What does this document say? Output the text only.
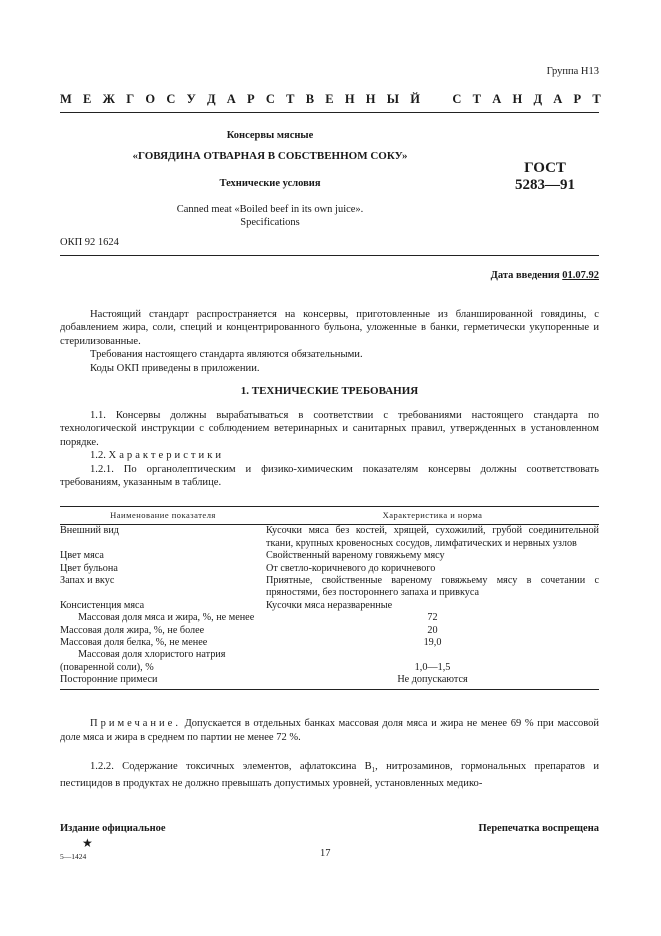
Группа Н13
М Е Ж Г О С У Д А Р С Т В Е Н Н Ы Й	С Т А Н Д А Р Т
Консервы мясные
«ГОВЯДИНА ОТВАРНАЯ В СОБСТВЕННОМ СОКУ»
Технические условия
ГОСТ
5283—91
Canned meat «Boiled beef in its own juice».
Specifications
ОКП 92 1624
Дата введения 01.07.92

Настоящий стандарт распространяется на консервы, приготовленные из бланшированной говядины, с добавлением жира, соли, специй и концентрированного бульона, уложенные в банки, герметически укупоренные и стерилизованные.

Требования настоящего стандарта являются обязательными.

Коды ОКП приведены в приложении.

1. ТЕХНИЧЕСКИЕ ТРЕБОВАНИЯ

1.1. Консервы должны вырабатываться в соответствии с требованиями настоящего стандарта по технологической инструкции с соблюдением ветеринарных и санитарных правил, утвержденных в установленном порядке.

1.2. Характеристики

1.2.1. По органолептическим и физико-химическим показателям консервы должны соответствовать требованиям, указанным в таблице.

Наименование показателя	Характеристика и норма
Внешний вид	Кусочки мяса без костей, хрящей, сухожилий, грубой соединительной ткани, крупных кровеносных сосудов, лимфатических и нервных узлов
Цвет мяса	Свойственный вареному говяжьему мясу
Цвет бульона	От светло-коричневого до коричневого
Запах и вкус	Приятные, свойственные вареному говяжьему мясу в сочетании с пряностями, без постороннего запаха и привкуса
Консистенция мяса	Кусочки мяса неразваренные
Массовая доля мяса и жира, %, не менее	72
Массовая доля жира, %, не более	20
Массовая доля белка, %, не менее	19,0
Массовая доля хлористого натрия (поваренной соли), %	1,0—1,5
Посторонние примеси	Не допускаются

Примечание. Допускается в отдельных банках массовая доля мяса и жира не менее 69 % при массовой доле мяса и жира в среднем по партии не менее 72 %.

1.2.2. Содержание токсичных элементов, афлатоксина $B_1$, нитрозаминов, гормональных препаратов и пестицидов в продуктах не должно превышать допустимых уровней, установленных медико-

Издание официальное
★
Перепечатка воспрещена
5—1424	17
